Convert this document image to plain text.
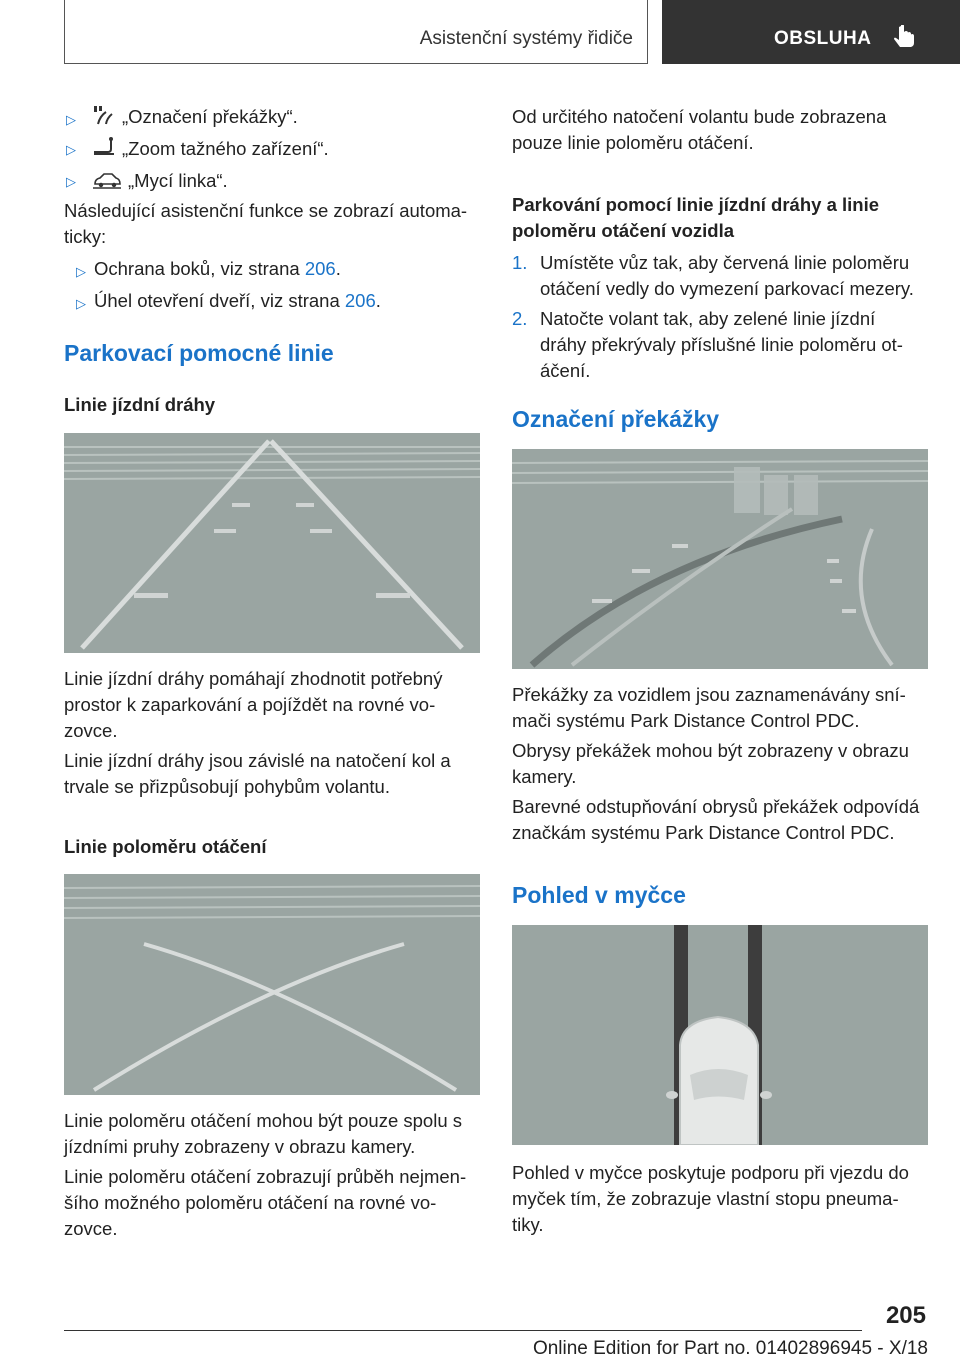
Asistenční systémy řidiče	OBSLUHA
▷ „Označení překážky“.
▷ „Zoom tažného zařízení“.
▷	„Mycí linka“.
Následující asistenční funkce se zobrazí automa-
ticky:
▷ Ochrana boků, viz strana 206.
▷ Úhel otevření dveří, viz strana 206.
Parkovací pomocné linie
Linie jízdní dráhy
Linie jízdní dráhy pomáhají zhodnotit potřebný
prostor k zaparkování a pojíždět na rovné vo-
zovce.
Linie jízdní dráhy jsou závislé na natočení kol a
trvale se přizpůsobují pohybům volantu.
Linie poloměru otáčení
Linie poloměru otáčení mohou být pouze spolu s
jízdními pruhy zobrazeny v obrazu kamery.
Linie poloměru otáčení zobrazují průběh nejmen-
šího možného poloměru otáčení na rovné vo-
zovce.
Od určitého natočení volantu bude zobrazena
pouze linie poloměru otáčení.
Parkování pomocí linie jízdní dráhy a linie
poloměru otáčení vozidla
1. Umístěte vůz tak, aby červená linie poloměru
otáčení vedly do vymezení parkovací mezery.
2. Natočte volant tak, aby zelené linie jízdní
dráhy překrývaly příslušné linie poloměru ot-
áčení.
Označení překážky
Překážky za vozidlem jsou zaznamenávány sní-
mači systému Park Distance Control PDC.
Obrysy překážek mohou být zobrazeny v obrazu
kamery.
Barevné odstupňování obrysů překážek odpovídá
značkám systému Park Distance Control PDC.
Pohled v myčce
Pohled v myčce poskytuje podporu při vjezdu do
myček tím, že zobrazuje vlastní stopu pneuma-
tiky.
205
Online Edition for Part no. 01402896945 - X/18
